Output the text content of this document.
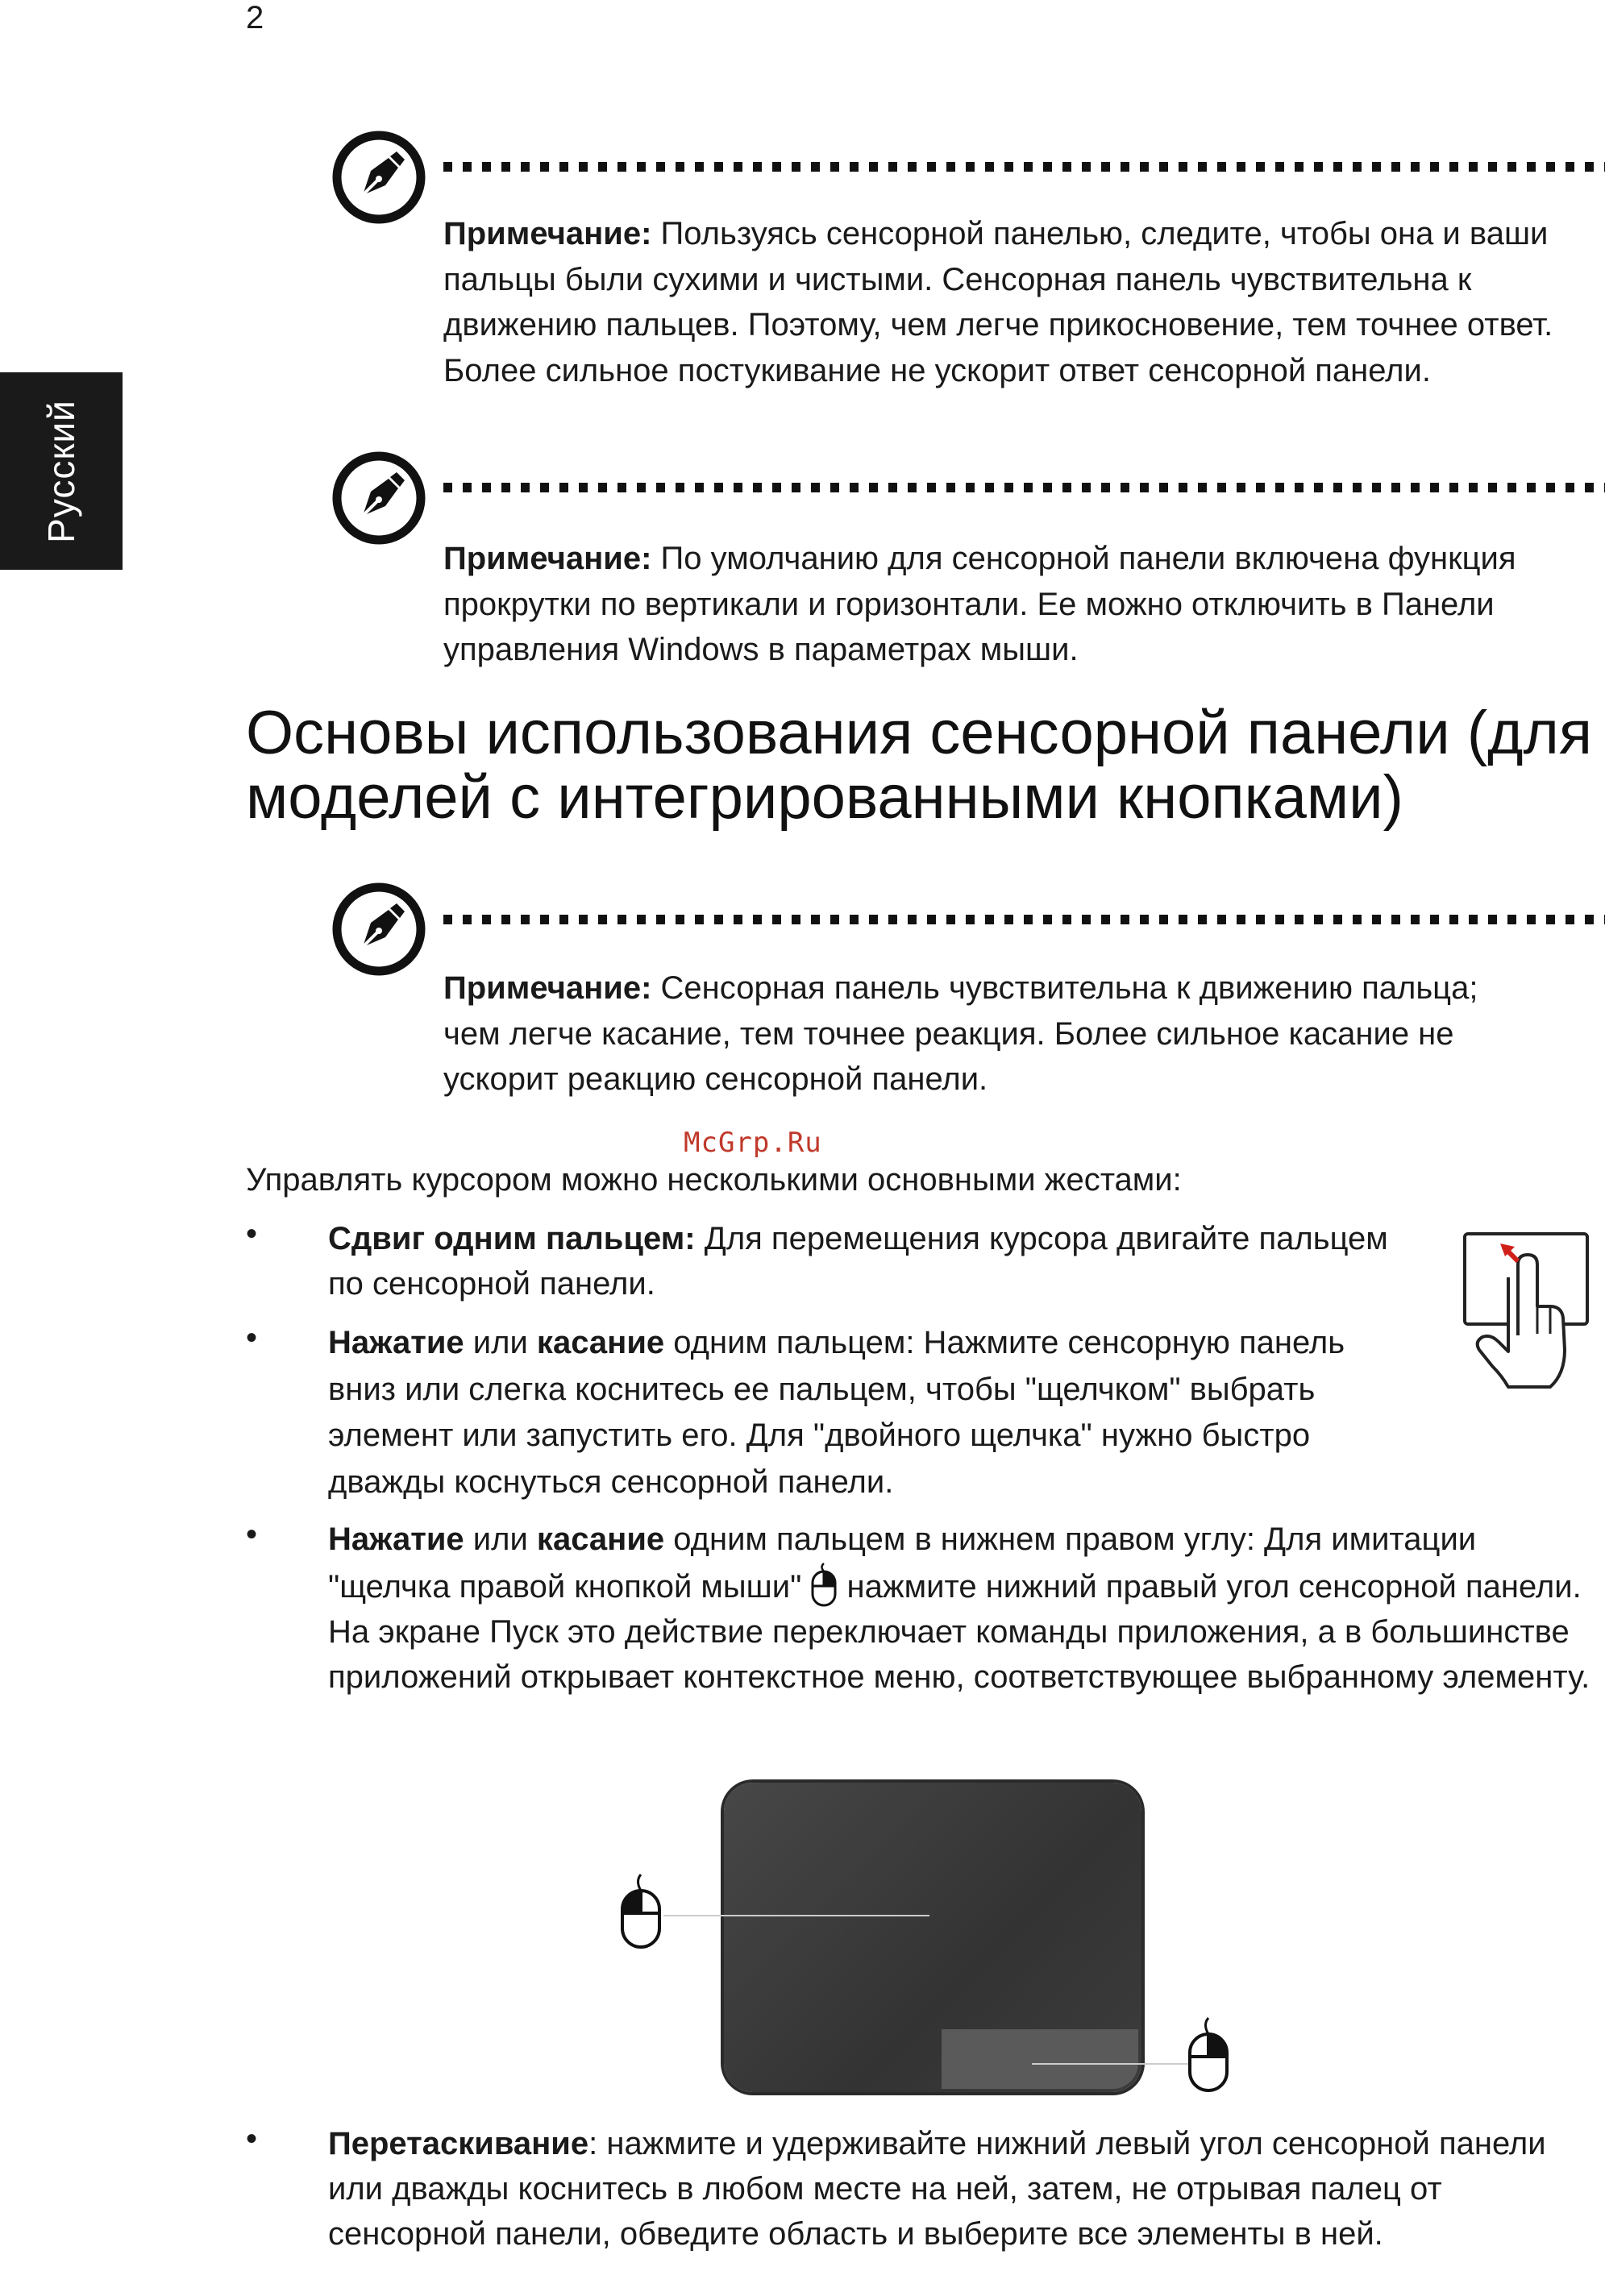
2
Русский
Примечание: Пользуясь сенсорной панелью, следите, чтобы она и ваши пальцы были сухими и чистыми. Сенсорная панель чувствительна к движению пальцев. Поэтому, чем легче прикосновение, тем точнее ответ. Более сильное постукивание не ускорит ответ сенсорной панели.
Примечание: По умолчанию для сенсорной панели включена функция прокрутки по вертикали и горизонтали. Ее можно отключить в Панели управления Windows в параметрах мыши.
Основы использования сенсорной панели (для моделей с интегрированными кнопками)
Примечание: Сенсорная панель чувствительна к движению пальца; чем легче касание, тем точнее реакция. Более сильное касание не ускорит реакцию сенсорной панели.
McGrp.Ru
Управлять курсором можно несколькими основными жестами:
•	Сдвиг одним пальцем: Для перемещения курсора двигайте пальцем по сенсорной панели.
•	Нажатие или касание одним пальцем: Нажмите сенсорную панель вниз или слегка коснитесь ее пальцем, чтобы "щелчком" выбрать элемент или запустить его. Для "двойного щелчка" нужно быстро дважды коснуться сенсорной панели.
•	Нажатие или касание одним пальцем в нижнем правом углу: Для имитации "щелчка правой кнопкой мыши"  нажмите нижний правый угол сенсорной панели. На экране Пуск это действие переключает команды приложения, а в большинстве приложений открывает контекстное меню, соответствующее выбранному элементу.
•	Перетаскивание: нажмите и удерживайте нижний левый угол сенсорной панели или дважды коснитесь в любом месте на ней, затем, не отрывая палец от сенсорной панели, обведите область и выберите все элементы в ней.
